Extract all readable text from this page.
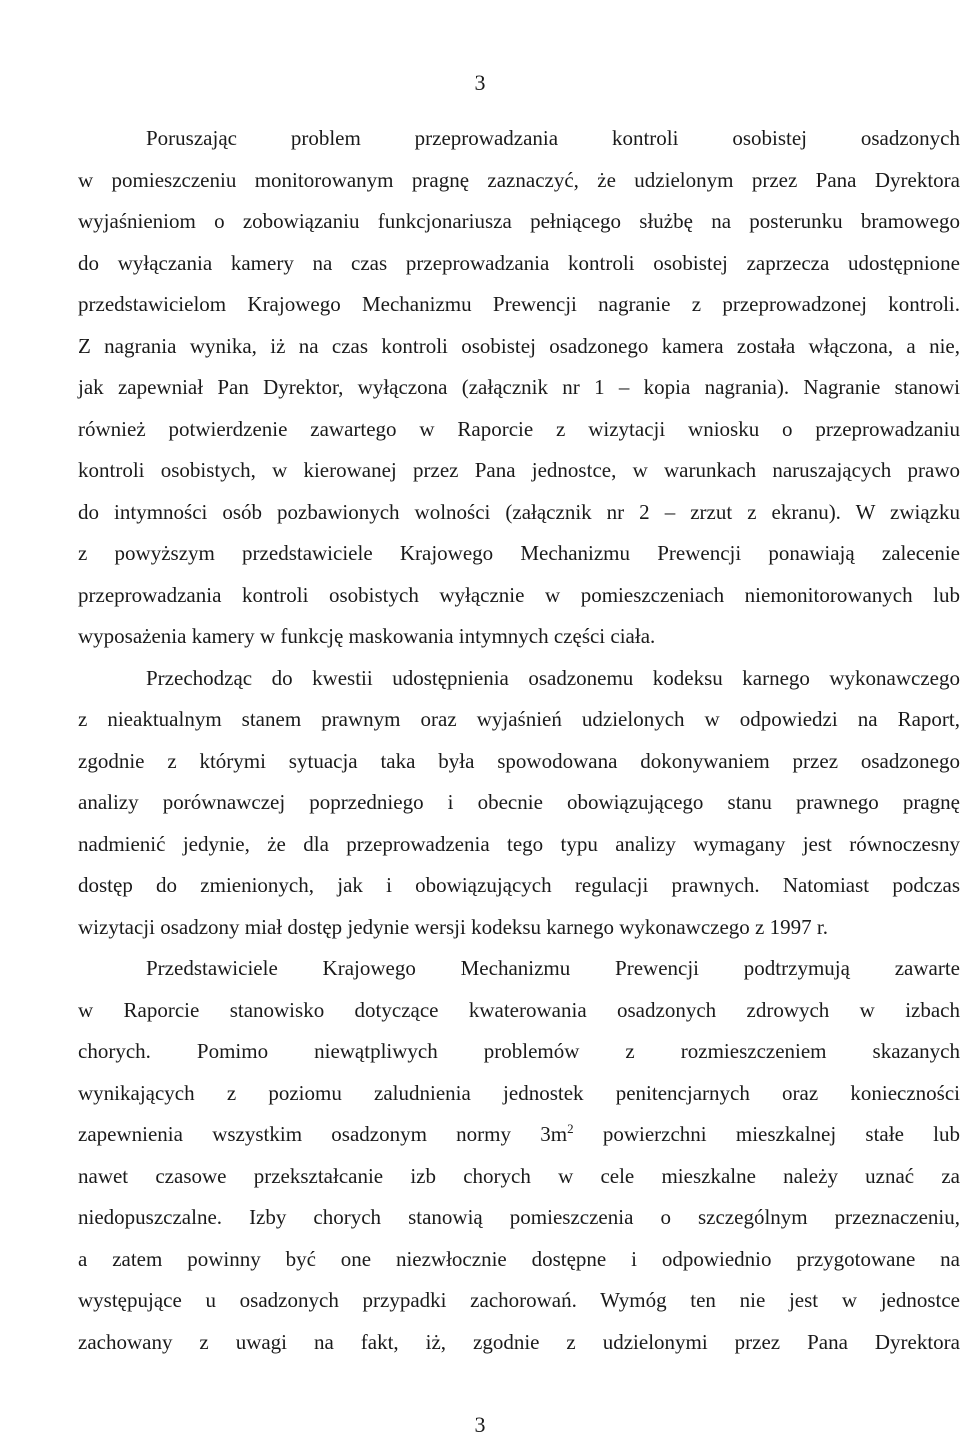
3
Poruszając problem przeprowadzania kontroli osobistej osadzonych
w pomieszczeniu monitorowanym pragnę zaznaczyć, że udzielonym przez Pana Dyrektora
wyjaśnieniom o zobowiązaniu funkcjonariusza pełniącego służbę na posterunku bramowego
do wyłączania kamery na czas przeprowadzania kontroli osobistej zaprzecza udostępnione
przedstawicielom Krajowego Mechanizmu Prewencji nagranie z przeprowadzonej kontroli.
Z nagrania wynika, iż na czas kontroli osobistej osadzonego kamera została włączona, a nie,
jak zapewniał Pan Dyrektor, wyłączona (załącznik nr 1 – kopia nagrania). Nagranie stanowi
również potwierdzenie zawartego w Raporcie z wizytacji wniosku o przeprowadzaniu
kontroli osobistych, w kierowanej przez Pana jednostce, w warunkach naruszających prawo
do intymności osób pozbawionych wolności (załącznik nr 2 – zrzut z ekranu). W związku
z powyższym przedstawiciele Krajowego Mechanizmu Prewencji ponawiają zalecenie
przeprowadzania kontroli osobistych wyłącznie w pomieszczeniach niemonitorowanych lub
wyposażenia kamery w funkcję maskowania intymnych części ciała.
Przechodząc do kwestii udostępnienia osadzonemu kodeksu karnego wykonawczego
z nieaktualnym stanem prawnym oraz wyjaśnień udzielonych w odpowiedzi na Raport,
zgodnie z którymi sytuacja taka była spowodowana dokonywaniem przez osadzonego
analizy porównawczej poprzedniego i obecnie obowiązującego stanu prawnego pragnę
nadmienić jedynie, że dla przeprowadzenia tego typu analizy wymagany jest równoczesny
dostęp do zmienionych, jak i obowiązujących regulacji prawnych. Natomiast podczas
wizytacji osadzony miał dostęp jedynie wersji kodeksu karnego wykonawczego z 1997 r.
Przedstawiciele Krajowego Mechanizmu Prewencji podtrzymują zawarte
w Raporcie stanowisko dotyczące kwaterowania osadzonych zdrowych w izbach
chorych. Pomimo niewątpliwych problemów z rozmieszczeniem skazanych
wynikających z poziomu zaludnienia jednostek penitencjarnych oraz konieczności
zapewnienia wszystkim osadzonym normy $3m^2$ powierzchni mieszkalnej stałe lub
nawet czasowe przekształcanie izb chorych w cele mieszkalne należy uznać za
niedopuszczalne. Izby chorych stanowią pomieszczenia o szczególnym przeznaczeniu,
a zatem powinny być one niezwłocznie dostępne i odpowiednio przygotowane na
występujące u osadzonych przypadki zachorowań. Wymóg ten nie jest w jednostce
zachowany z uwagi na fakt, iż, zgodnie z udzielonymi przez Pana Dyrektora
3
